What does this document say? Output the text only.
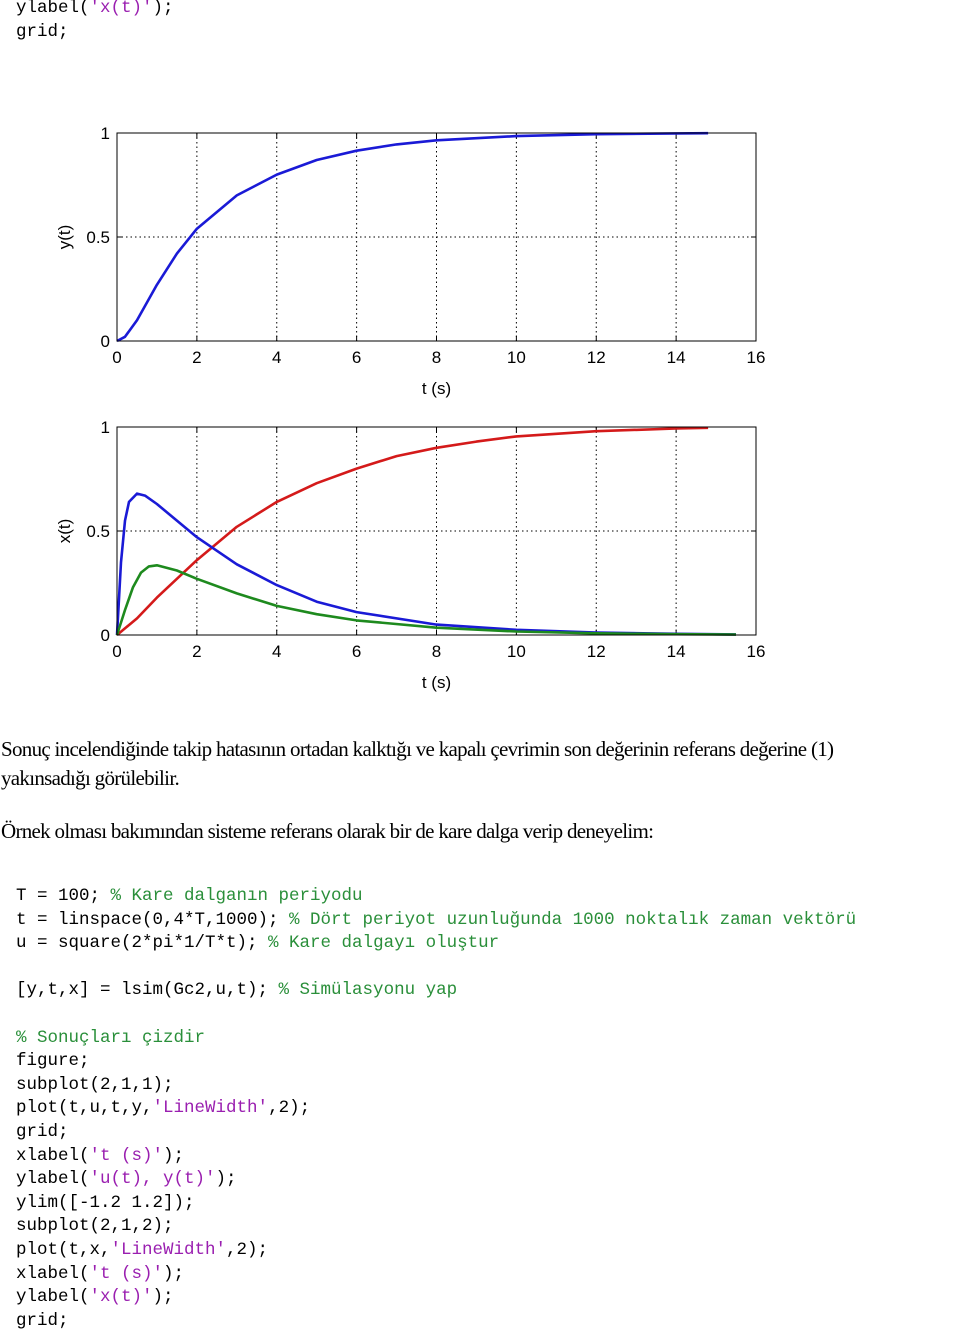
ylabel('x(t)');
grid;
0	2	4	6	8	10	12	14	16
0
0.5
1
t (s)
y(t)
0	2	4	6	8	10	12	14	16
0
0.5
1
t (s)
x(t)

Sonuç incelendiğinde takip hatasının ortadan kalktığı ve kapalı çevrimin son değerinin referans değerine (1) yakınsadığı görülebilir.

Örnek olması bakımından sisteme referans olarak bir de kare dalga verip deneyelim:

T = 100; % Kare dalganın periyodu
t = linspace(0,4*T,1000); % Dört periyot uzunluğunda 1000 noktalık zaman vektörü
u = square(2*pi*1/T*t); % Kare dalgayı oluştur
[y,t,x] = lsim(Gc2,u,t); % Simülasyonu yap
% Sonuçları çizdir
figure;
subplot(2,1,1);
plot(t,u,t,y,'LineWidth',2);
grid;
xlabel('t (s)');
ylabel('u(t), y(t)');
ylim([-1.2 1.2]);
subplot(2,1,2);
plot(t,x,'LineWidth',2);
xlabel('t (s)');
ylabel('x(t)');
grid;
